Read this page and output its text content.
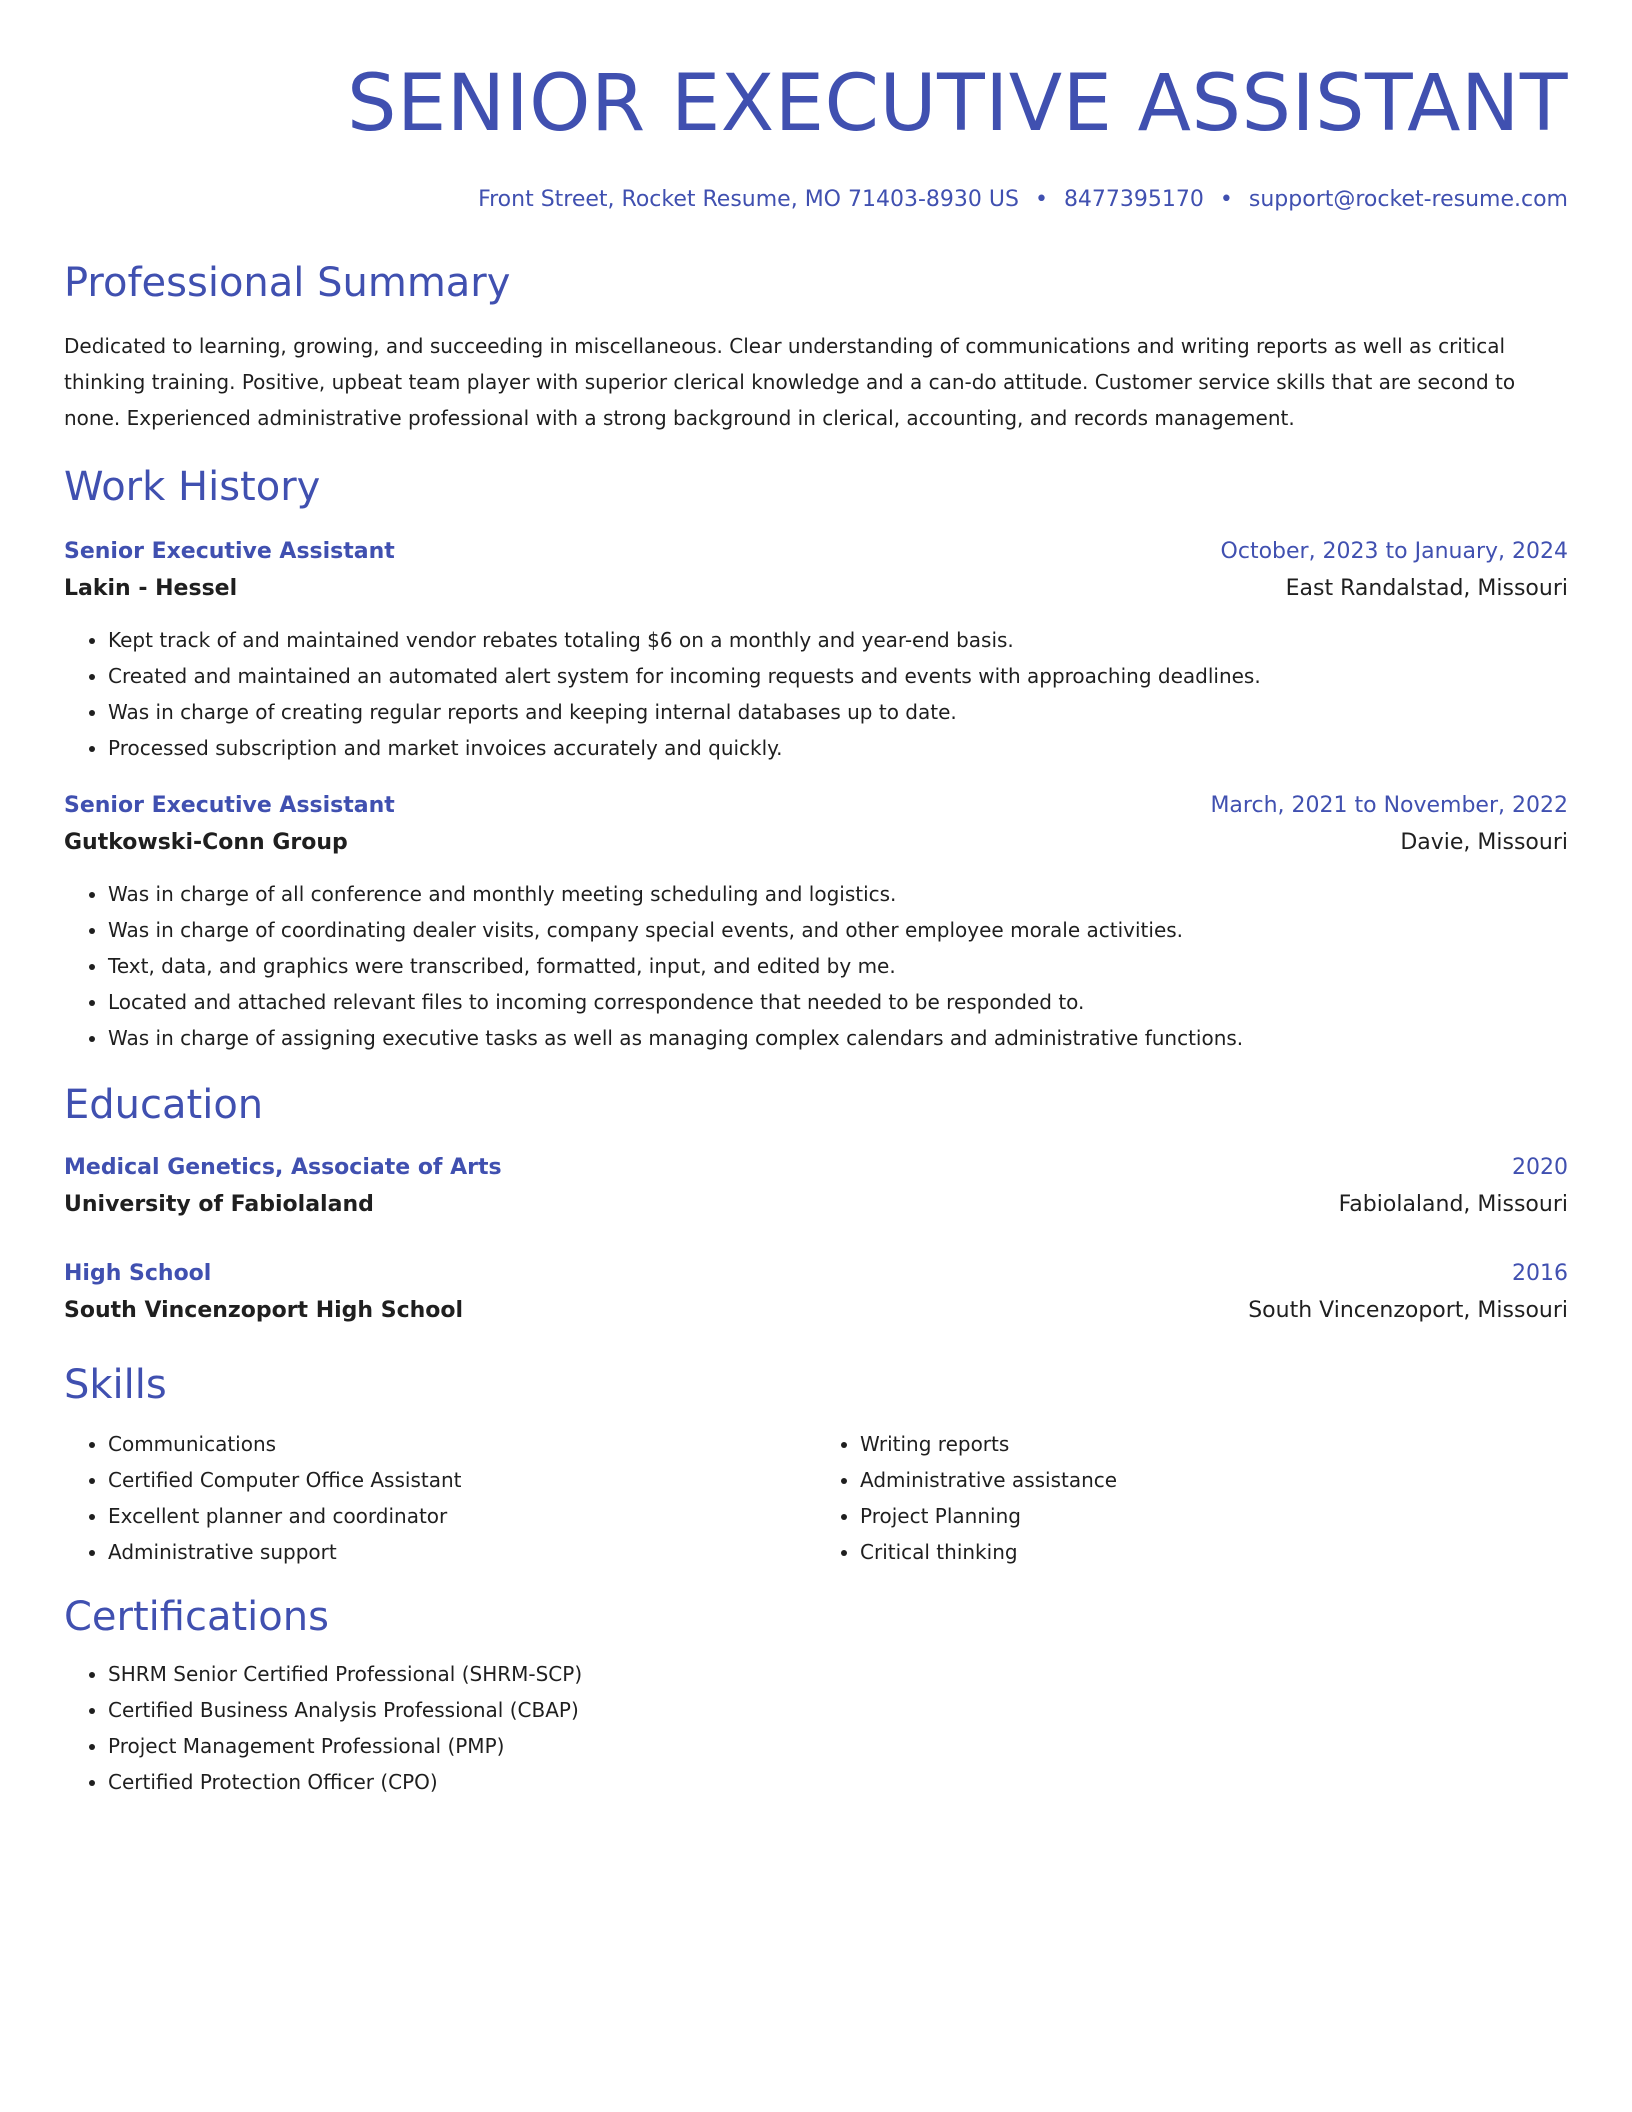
SENIOR EXECUTIVE ASSISTANT
Front Street, Rocket Resume, MO 71403-8930 US • 8477395170 • support@rocket-resume.com
Professional Summary
Dedicated to learning, growing, and succeeding in miscellaneous. Clear understanding of communications and writing reports as well as critical thinking training. Positive, upbeat team player with superior clerical knowledge and a can-do attitude. Customer service skills that are second to none. Experienced administrative professional with a strong background in clerical, accounting, and records management.
Work History
Senior Executive Assistant	October, 2023 to January, 2024
Lakin - Hessel	East Randalstad, Missouri
• Kept track of and maintained vendor rebates totaling $6 on a monthly and year-end basis.
• Created and maintained an automated alert system for incoming requests and events with approaching deadlines.
• Was in charge of creating regular reports and keeping internal databases up to date.
• Processed subscription and market invoices accurately and quickly.
Senior Executive Assistant	March, 2021 to November, 2022
Gutkowski-Conn Group	Davie, Missouri
• Was in charge of all conference and monthly meeting scheduling and logistics.
• Was in charge of coordinating dealer visits, company special events, and other employee morale activities.
• Text, data, and graphics were transcribed, formatted, input, and edited by me.
• Located and attached relevant files to incoming correspondence that needed to be responded to.
• Was in charge of assigning executive tasks as well as managing complex calendars and administrative functions.
Education
Medical Genetics, Associate of Arts	2020
University of Fabiolaland	Fabiolaland, Missouri
High School	2016
South Vincenzoport High School	South Vincenzoport, Missouri
Skills
• Communications
• Certified Computer Office Assistant
• Excellent planner and coordinator
• Administrative support
• Writing reports
• Administrative assistance
• Project Planning
• Critical thinking
Certifications
• SHRM Senior Certified Professional (SHRM-SCP)
• Certified Business Analysis Professional (CBAP)
• Project Management Professional (PMP)
• Certified Protection Officer (CPO)
